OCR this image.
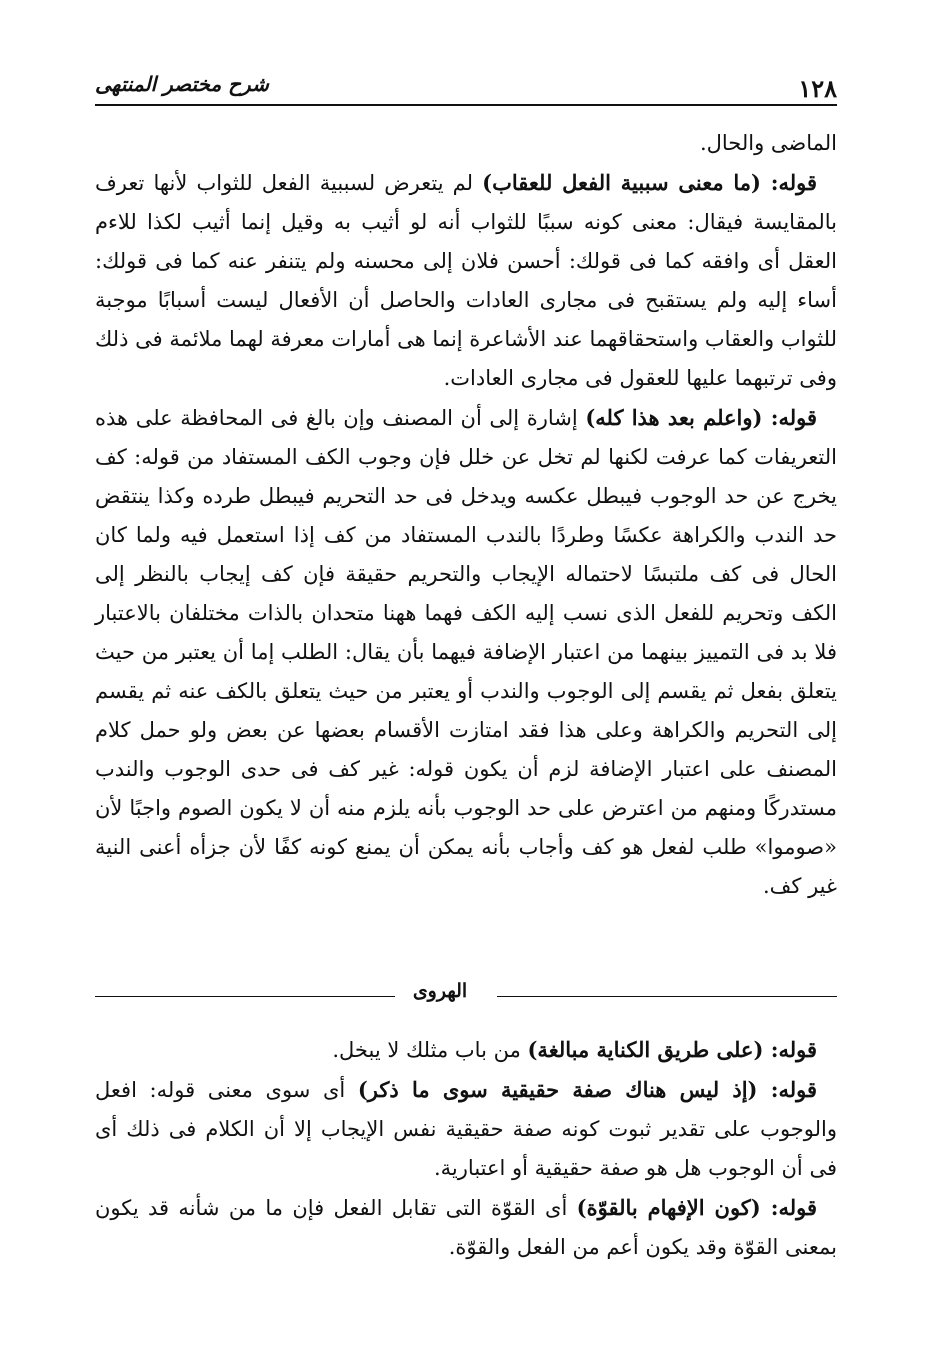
١٢٨
شرح مختصر المنتهى

الماضى والحال.

قوله: (ما معنى سببية الفعل للعقاب) لم يتعرض لسببية الفعل للثواب لأنها تعرف بالمقايسة فيقال: معنى كونه سببًا للثواب أنه لو أثيب به وقيل إنما أثيب لكذا للاءم العقل أى وافقه كما فى قولك: أحسن فلان إلى محسنه ولم يتنفر عنه كما فى قولك: أساء إليه ولم يستقبح فى مجارى العادات والحاصل أن الأفعال ليست أسبابًا موجبة للثواب والعقاب واستحقاقهما عند الأشاعرة إنما هى أمارات معرفة لهما ملائمة فى ذلك وفى ترتبهما عليها للعقول فى مجارى العادات.

قوله: (واعلم بعد هذا كله) إشارة إلى أن المصنف وإن بالغ فى المحافظة على هذه التعريفات كما عرفت لكنها لم تخل عن خلل فإن وجوب الكف المستفاد من قوله: كف يخرج عن حد الوجوب فيبطل عكسه ويدخل فى حد التحريم فيبطل طرده وكذا ينتقض حد الندب والكراهة عكسًا وطردًا بالندب المستفاد من كف إذا استعمل فيه ولما كان الحال فى كف ملتبسًا لاحتماله الإيجاب والتحريم حقيقة فإن كف إيجاب بالنظر إلى الكف وتحريم للفعل الذى نسب إليه الكف فهما ههنا متحدان بالذات مختلفان بالاعتبار فلا بد فى التمييز بينهما من اعتبار الإضافة فيهما بأن يقال: الطلب إما أن يعتبر من حيث يتعلق بفعل ثم يقسم إلى الوجوب والندب أو يعتبر من حيث يتعلق بالكف عنه ثم يقسم إلى التحريم والكراهة وعلى هذا فقد امتازت الأقسام بعضها عن بعض ولو حمل كلام المصنف على اعتبار الإضافة لزم أن يكون قوله: غير كف فى حدى الوجوب والندب مستدركًا ومنهم من اعترض على حد الوجوب بأنه يلزم منه أن لا يكون الصوم واجبًا لأن «صوموا» طلب لفعل هو كف وأجاب بأنه يمكن أن يمنع كونه كفًا لأن جزأه أعنى النية غير كف.

الهروى

قوله: (على طريق الكناية مبالغة) من باب مثلك لا يبخل.

قوله: (إذ ليس هناك صفة حقيقية سوى ما ذكر) أى سوى معنى قوله: افعل والوجوب على تقدير ثبوت كونه صفة حقيقية نفس الإيجاب إلا أن الكلام فى ذلك أى فى أن الوجوب هل هو صفة حقيقية أو اعتبارية.

قوله: (كون الإفهام بالقوّة) أى القوّة التى تقابل الفعل فإن ما من شأنه قد يكون بمعنى القوّة وقد يكون أعم من الفعل والقوّة.
